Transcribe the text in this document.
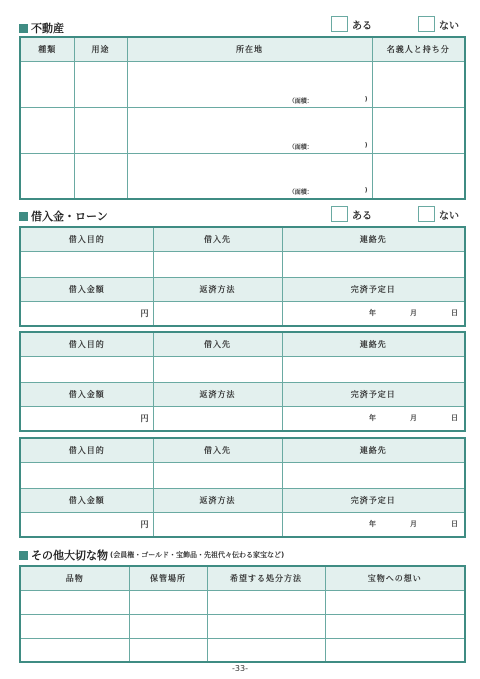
不動産	ある	ない
種類	用途	所在地	名義人と持ち分

		（面積： )	

		（面積： )	

		（面積： )	

借入金・ローン	ある	ない
借入目的	借入先	連絡先

借入金額	返済方法	完済予定日
円		年 月 日
借入目的	借入先	連絡先

借入金額	返済方法	完済予定日
円		年 月 日
借入目的	借入先	連絡先

借入金額	返済方法	完済予定日
円		年 月 日
その他大切な物 (会員権・ゴールド・宝飾品・先祖代々伝わる家宝など)
品物	保管場所	希望する処分方法	宝物への想い

-33-
